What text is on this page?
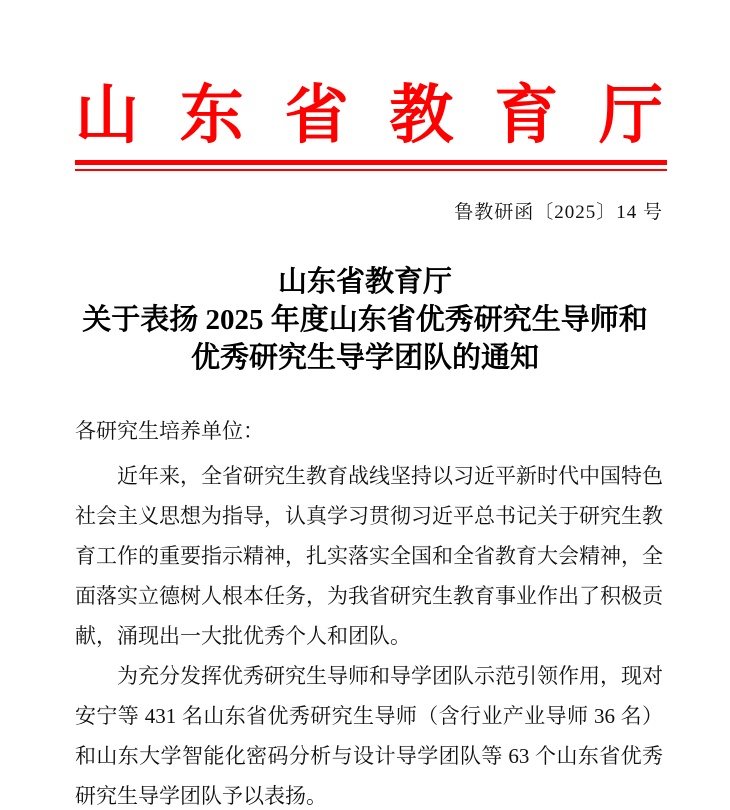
山东省教育厅
鲁教研函〔2025〕14 号
山东省教育厅
关于表扬 2025 年度山东省优秀研究生导师和
优秀研究生导学团队的通知
各研究生培养单位：
近年来，全省研究生教育战线坚持以习近平新时代中国特色
社会主义思想为指导，认真学习贯彻习近平总书记关于研究生教
育工作的重要指示精神，扎实落实全国和全省教育大会精神，全
面落实立德树人根本任务，为我省研究生教育事业作出了积极贡
献，涌现出一大批优秀个人和团队。
为充分发挥优秀研究生导师和导学团队示范引领作用，现对
安宁等 431 名山东省优秀研究生导师（含行业产业导师 36 名）
和山东大学智能化密码分析与设计导学团队等 63 个山东省优秀
研究生导学团队予以表扬。
